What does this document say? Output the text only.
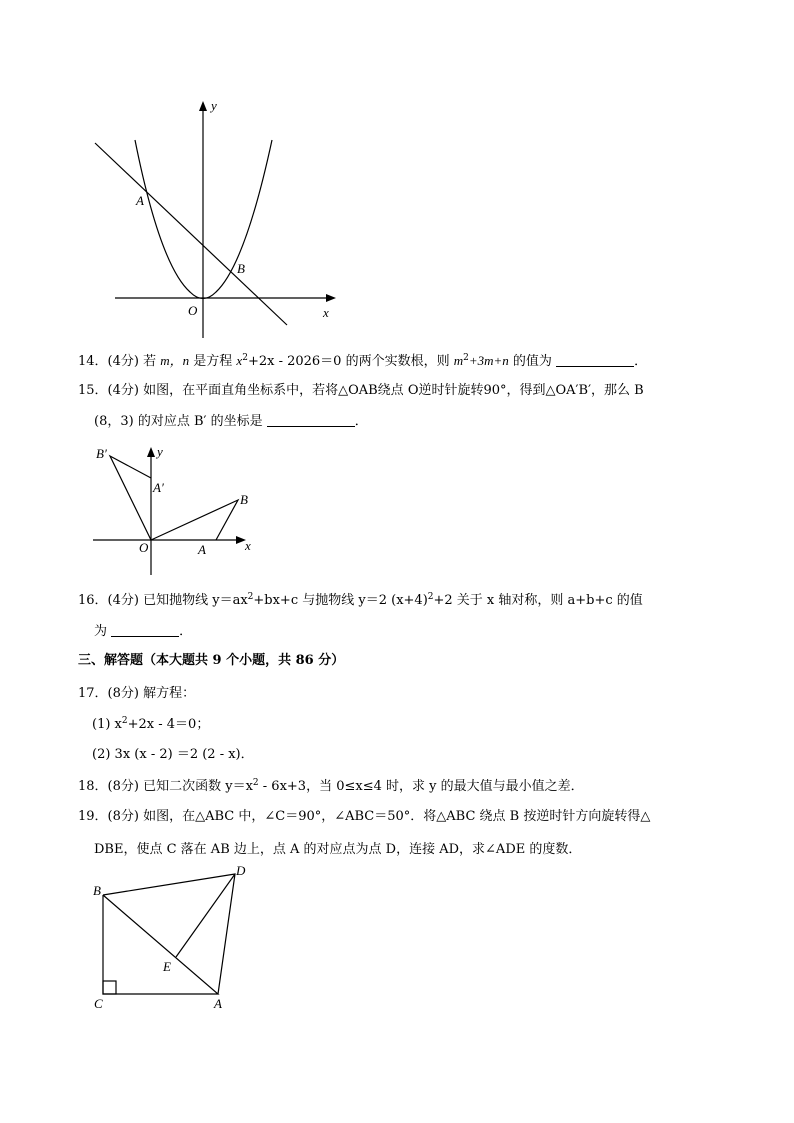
y
x
O
A
B
14．(4分) 若 m，n 是方程 $x^2+2x - 2026=0$ 的两个实数根，则 $m^2+3m+n$ 的值为	．
15．(4分) 如图，在平面直角坐标系中，若将△OAB绕点 O逆时针旋转90°，得到△OA′B′，那么 B
(8，3) 的对应点 B′ 的坐标是	．
y
x
O	A
B
A′
B′
16．(4分) 已知抛物线 $y=ax^2+bx+c$ 与抛物线 y＝2 $(x+4)^2+2$ 关于 x 轴对称，则 a+b+c 的值
为	．
三、解答题（本大题共 9 个小题，共 86 分）
17．(8分) 解方程：
(1) $x^2+2x - 4=0$；
(2) 3x (x - 2) ＝2 (2 - x)．
18．(8分) 已知二次函数 $y=x^2 - 6x+3$，当 0≤x≤4 时，求 y 的最大值与最小值之差．
19．(8分) 如图，在△ABC 中，∠C＝90°，∠ABC＝50°．将△ABC 绕点 B 按逆时针方向旋转得△
DBE，使点 C 落在 AB 边上，点 A 的对应点为点 D，连接 AD，求∠ADE 的度数．
B
D
E
C	A
